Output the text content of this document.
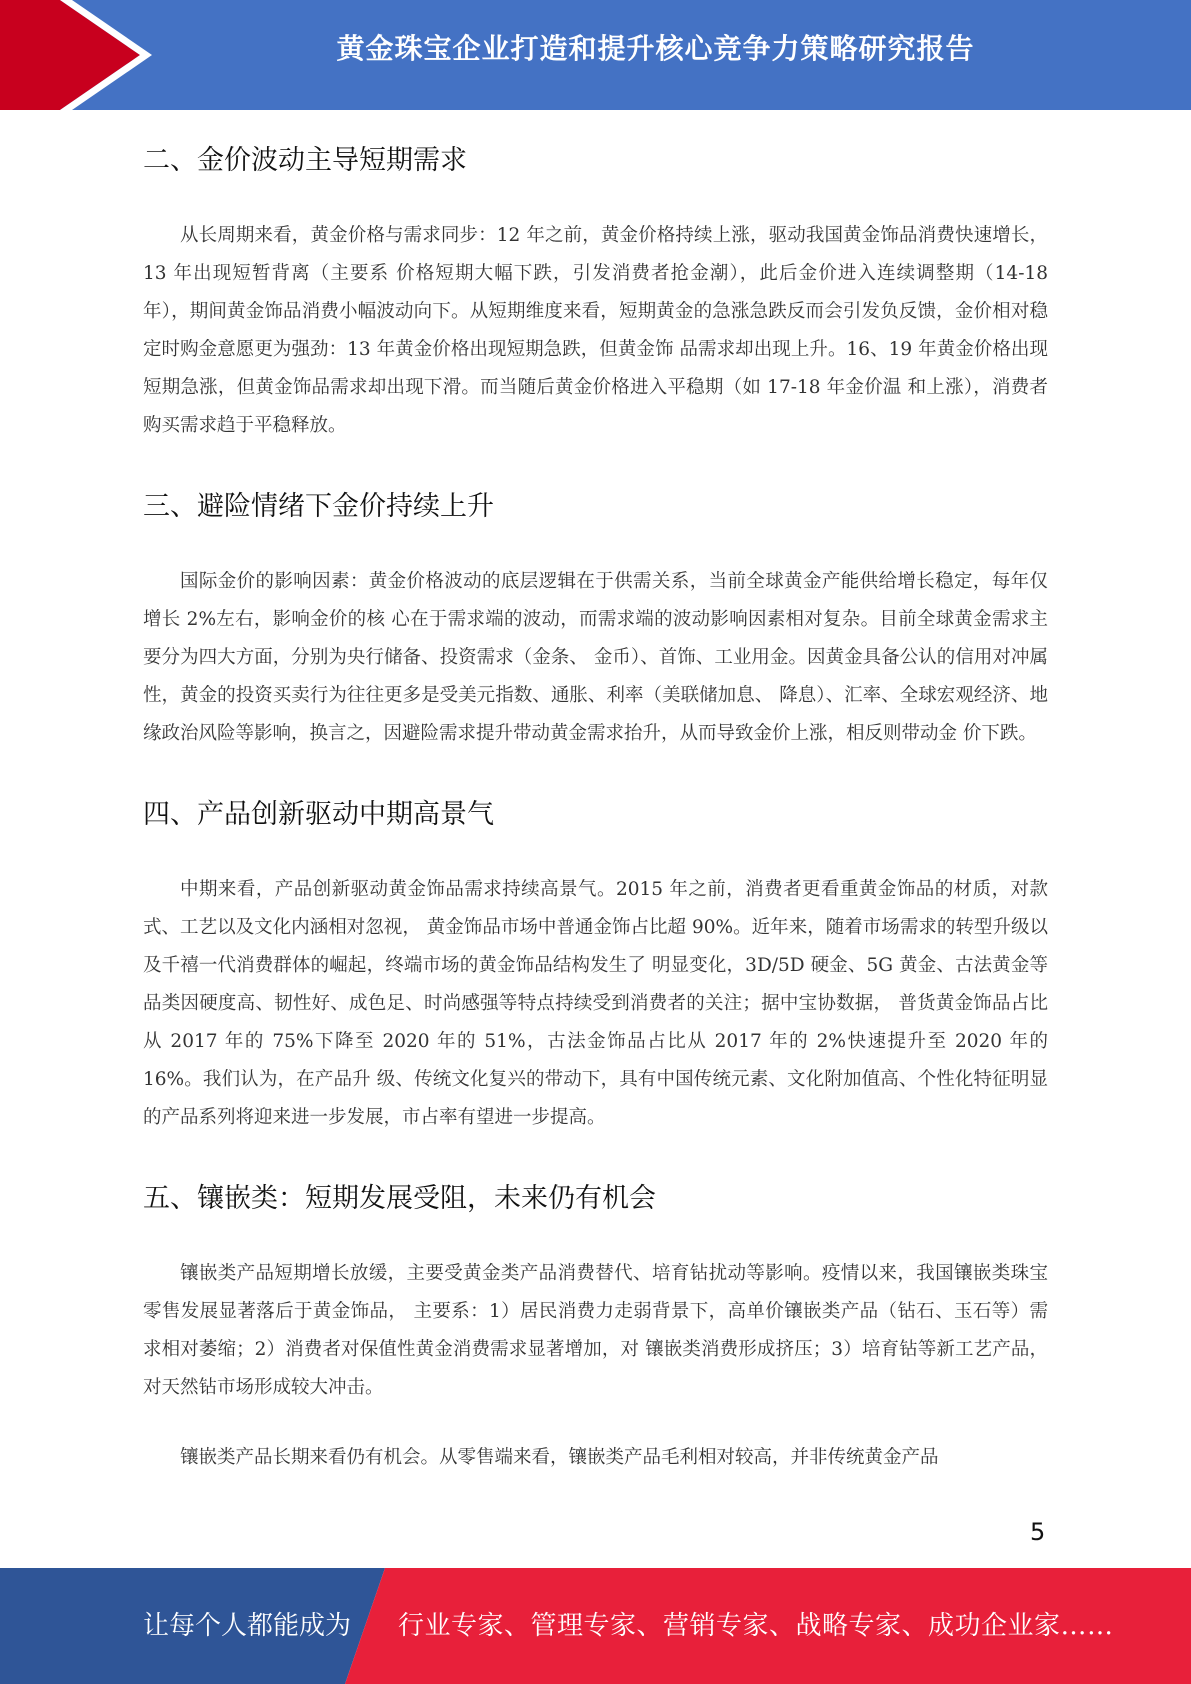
黄金珠宝企业打造和提升核心竞争力策略研究报告
二、金价波动主导短期需求

从长周期来看，黄金价格与需求同步：12 年之前，黄金价格持续上涨，驱动我国黄金饰品消费快速增长，13 年出现短暂背离（主要系 价格短期大幅下跌，引发消费者抢金潮），此后金价进入连续调整期（14-18 年），期间黄金饰品消费小幅波动向下。从短期维度来看，短期黄金的急涨急跌反而会引发负反馈，金价相对稳定时购金意愿更为强劲：13 年黄金价格出现短期急跌，但黄金饰 品需求却出现上升。16、19 年黄金价格出现短期急涨，但黄金饰品需求却出现下滑。而当随后黄金价格进入平稳期（如 17-18 年金价温 和上涨），消费者购买需求趋于平稳释放。

三、避险情绪下金价持续上升

国际金价的影响因素：黄金价格波动的底层逻辑在于供需关系，当前全球黄金产能供给增长稳定，每年仅增长 2%左右，影响金价的核 心在于需求端的波动，而需求端的波动影响因素相对复杂。目前全球黄金需求主要分为四大方面，分别为央行储备、投资需求（金条、 金币）、首饰、工业用金。因黄金具备公认的信用对冲属性，黄金的投资买卖行为往往更多是受美元指数、通胀、利率（美联储加息、 降息）、汇率、全球宏观经济、地缘政治风险等影响，换言之，因避险需求提升带动黄金需求抬升，从而导致金价上涨，相反则带动金 价下跌。

四、产品创新驱动中期高景气

中期来看，产品创新驱动黄金饰品需求持续高景气。2015 年之前，消费者更看重黄金饰品的材质，对款式、工艺以及文化内涵相对忽视， 黄金饰品市场中普通金饰占比超 90%。近年来，随着市场需求的转型升级以及千禧一代消费群体的崛起，终端市场的黄金饰品结构发生了 明显变化，3D/5D 硬金、5G 黄金、古法黄金等品类因硬度高、韧性好、成色足、时尚感强等特点持续受到消费者的关注；据中宝协数据， 普货黄金饰品占比从 2017 年的 75%下降至 2020 年的 51%，古法金饰品占比从 2017 年的 2%快速提升至 2020 年的 16%。我们认为，在产品升 级、传统文化复兴的带动下，具有中国传统元素、文化附加值高、个性化特征明显的产品系列将迎来进一步发展，市占率有望进一步提高。

五、镶嵌类：短期发展受阻，未来仍有机会

镶嵌类产品短期增长放缓，主要受黄金类产品消费替代、培育钻扰动等影响。疫情以来，我国镶嵌类珠宝零售发展显著落后于黄金饰品， 主要系：1）居民消费力走弱背景下，高单价镶嵌类产品（钻石、玉石等）需求相对萎缩；2）消费者对保值性黄金消费需求显著增加，对 镶嵌类消费形成挤压；3）培育钻等新工艺产品，对天然钻市场形成较大冲击。

镶嵌类产品长期来看仍有机会。从零售端来看，镶嵌类产品毛利相对较高，并非传统黄金产品

5
让每个人都能成为 行业专家、管理专家、营销专家、战略专家、成功企业家……
